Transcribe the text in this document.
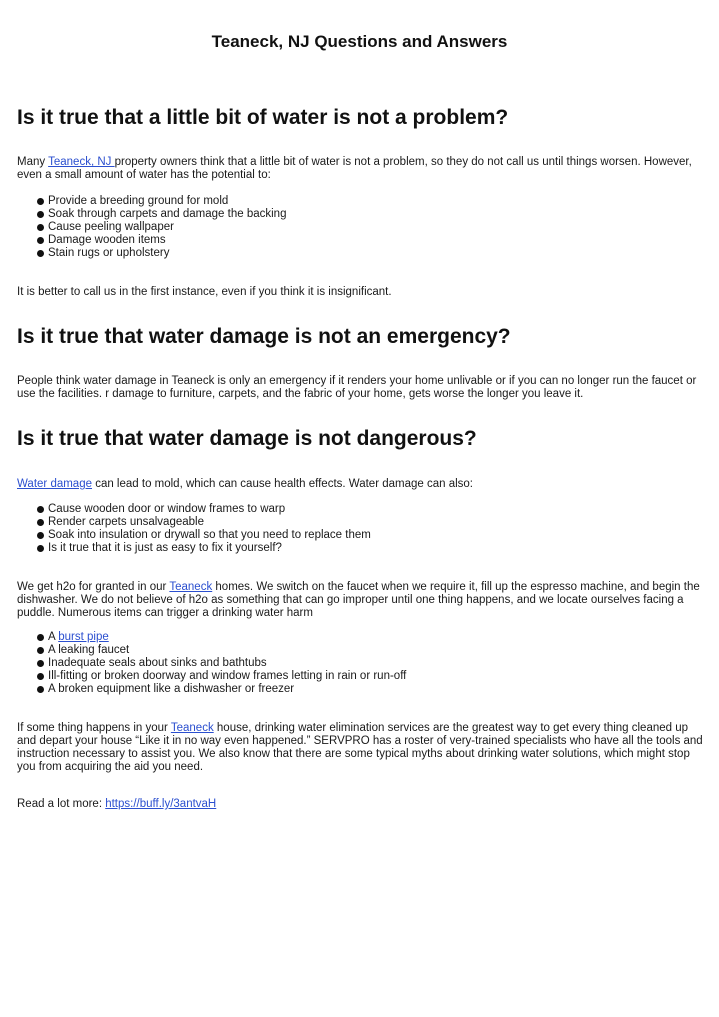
Teaneck, NJ Questions and Answers
Is it true that a little bit of water is not a problem?
Many Teaneck, NJ property owners think that a little bit of water is not a problem, so they do not call us until things worsen. However, even a small amount of water has the potential to:
Provide a breeding ground for mold
Soak through carpets and damage the backing
Cause peeling wallpaper
Damage wooden items
Stain rugs or upholstery
It is better to call us in the first instance, even if you think it is insignificant.
Is it true that water damage is not an emergency?
People think water damage in Teaneck is only an emergency if it renders your home unlivable or if you can no longer run the faucet or use the facilities. r damage to furniture, carpets, and the fabric of your home, gets worse the longer you leave it.
Is it true that water damage is not dangerous?
Water damage can lead to mold, which can cause health effects. Water damage can also:
Cause wooden door or window frames to warp
Render carpets unsalvageable
Soak into insulation or drywall so that you need to replace them
Is it true that it is just as easy to fix it yourself?
We get h2o for granted in our Teaneck homes. We switch on the faucet when we require it, fill up the espresso machine, and begin the dishwasher. We do not believe of h2o as something that can go improper until one thing happens, and we locate ourselves facing a puddle. Numerous items can trigger a drinking water harm
A burst pipe
A leaking faucet
Inadequate seals about sinks and bathtubs
Ill-fitting or broken doorway and window frames letting in rain or run-off
A broken equipment like a dishwasher or freezer
If some thing happens in your Teaneck house, drinking water elimination services are the greatest way to get every thing cleaned up and depart your house “Like it in no way even happened.” SERVPRO has a roster of very-trained specialists who have all the tools and instruction necessary to assist you. We also know that there are some typical myths about drinking water solutions, which might stop you from acquiring the aid you need.
Read a lot more: https://buff.ly/3antvaH
